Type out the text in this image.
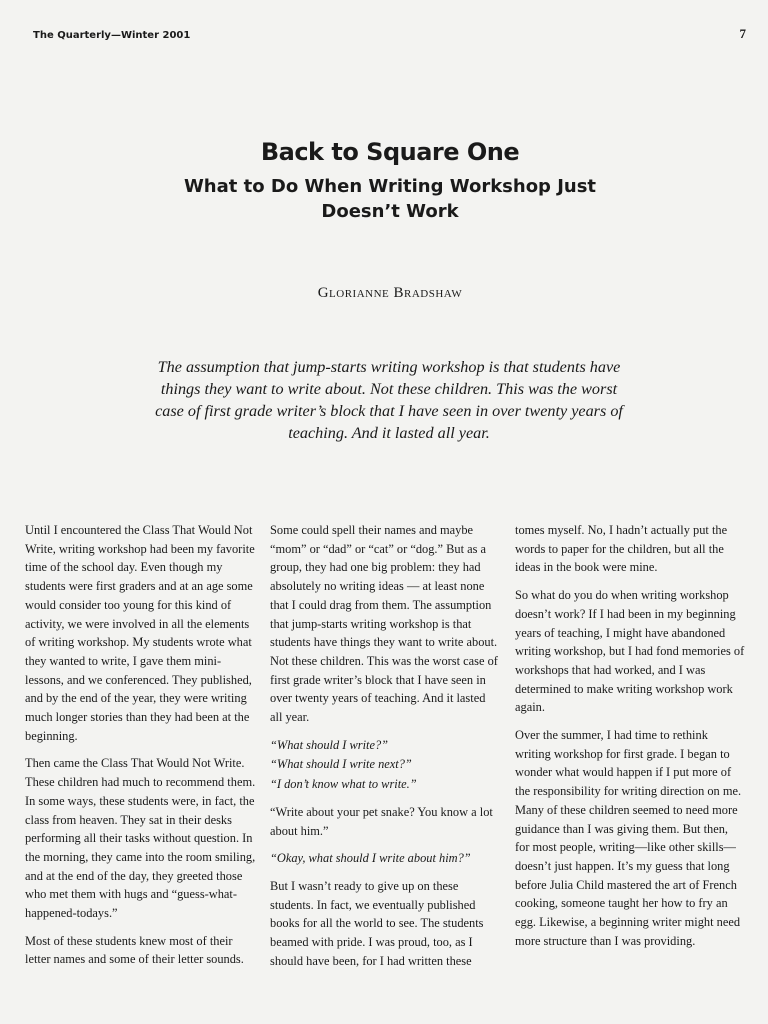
The Quarterly—Winter 2001	7
Back to Square One
What to Do When Writing Workshop Just Doesn’t Work
Glorianne Bradshaw
The assumption that jump-starts writing workshop is that students have things they want to write about. Not these children. This was the worst case of first grade writer’s block that I have seen in over twenty years of teaching. And it lasted all year.

Until I encountered the Class That Would Not Write, writing workshop had been my favorite time of the school day. Even though my students were first graders and at an age some would consider too young for this kind of activity, we were involved in all the elements of writing workshop. My students wrote what they wanted to write, I gave them mini-lessons, and we conferenced. They published, and by the end of the year, they were writing much longer stories than they had been at the beginning.

Then came the Class That Would Not Write. These children had much to recommend them. In some ways, these students were, in fact, the class from heaven. They sat in their desks performing all their tasks without question. In the morning, they came into the room smiling, and at the end of the day, they greeted those who met them with hugs and “guess-what-happened-todays.”

Most of these students knew most of their letter names and some of their letter sounds.

Some could spell their names and maybe “mom” or “dad” or “cat” or “dog.” But as a group, they had one big problem: they had absolutely no writing ideas — at least none that I could drag from them. The assumption that jump-starts writing workshop is that students have things they want to write about. Not these children. This was the worst case of first grade writer’s block that I have seen in over twenty years of teaching. And it lasted all year.

“What should I write?”

“What should I write next?”

“I don’t know what to write.”

“Write about your pet snake? You know a lot about him.”

“Okay, what should I write about him?”

But I wasn’t ready to give up on these students. In fact, we eventually published books for all the world to see. The students beamed with pride. I was proud, too, as I should have been, for I had written these

tomes myself. No, I hadn’t actually put the words to paper for the children, but all the ideas in the book were mine.

So what do you do when writing workshop doesn’t work? If I had been in my beginning years of teaching, I might have abandoned writing workshop, but I had fond memories of workshops that had worked, and I was determined to make writing workshop work again.

Over the summer, I had time to rethink writing workshop for first grade. I began to wonder what would happen if I put more of the responsibility for writing direction on me. Many of these children seemed to need more guidance than I was giving them. But then, for most people, writing—like other skills—doesn’t just happen. It’s my guess that long before Julia Child mastered the art of French cooking, someone taught her how to fry an egg. Likewise, a beginning writer might need more structure than I was providing.
